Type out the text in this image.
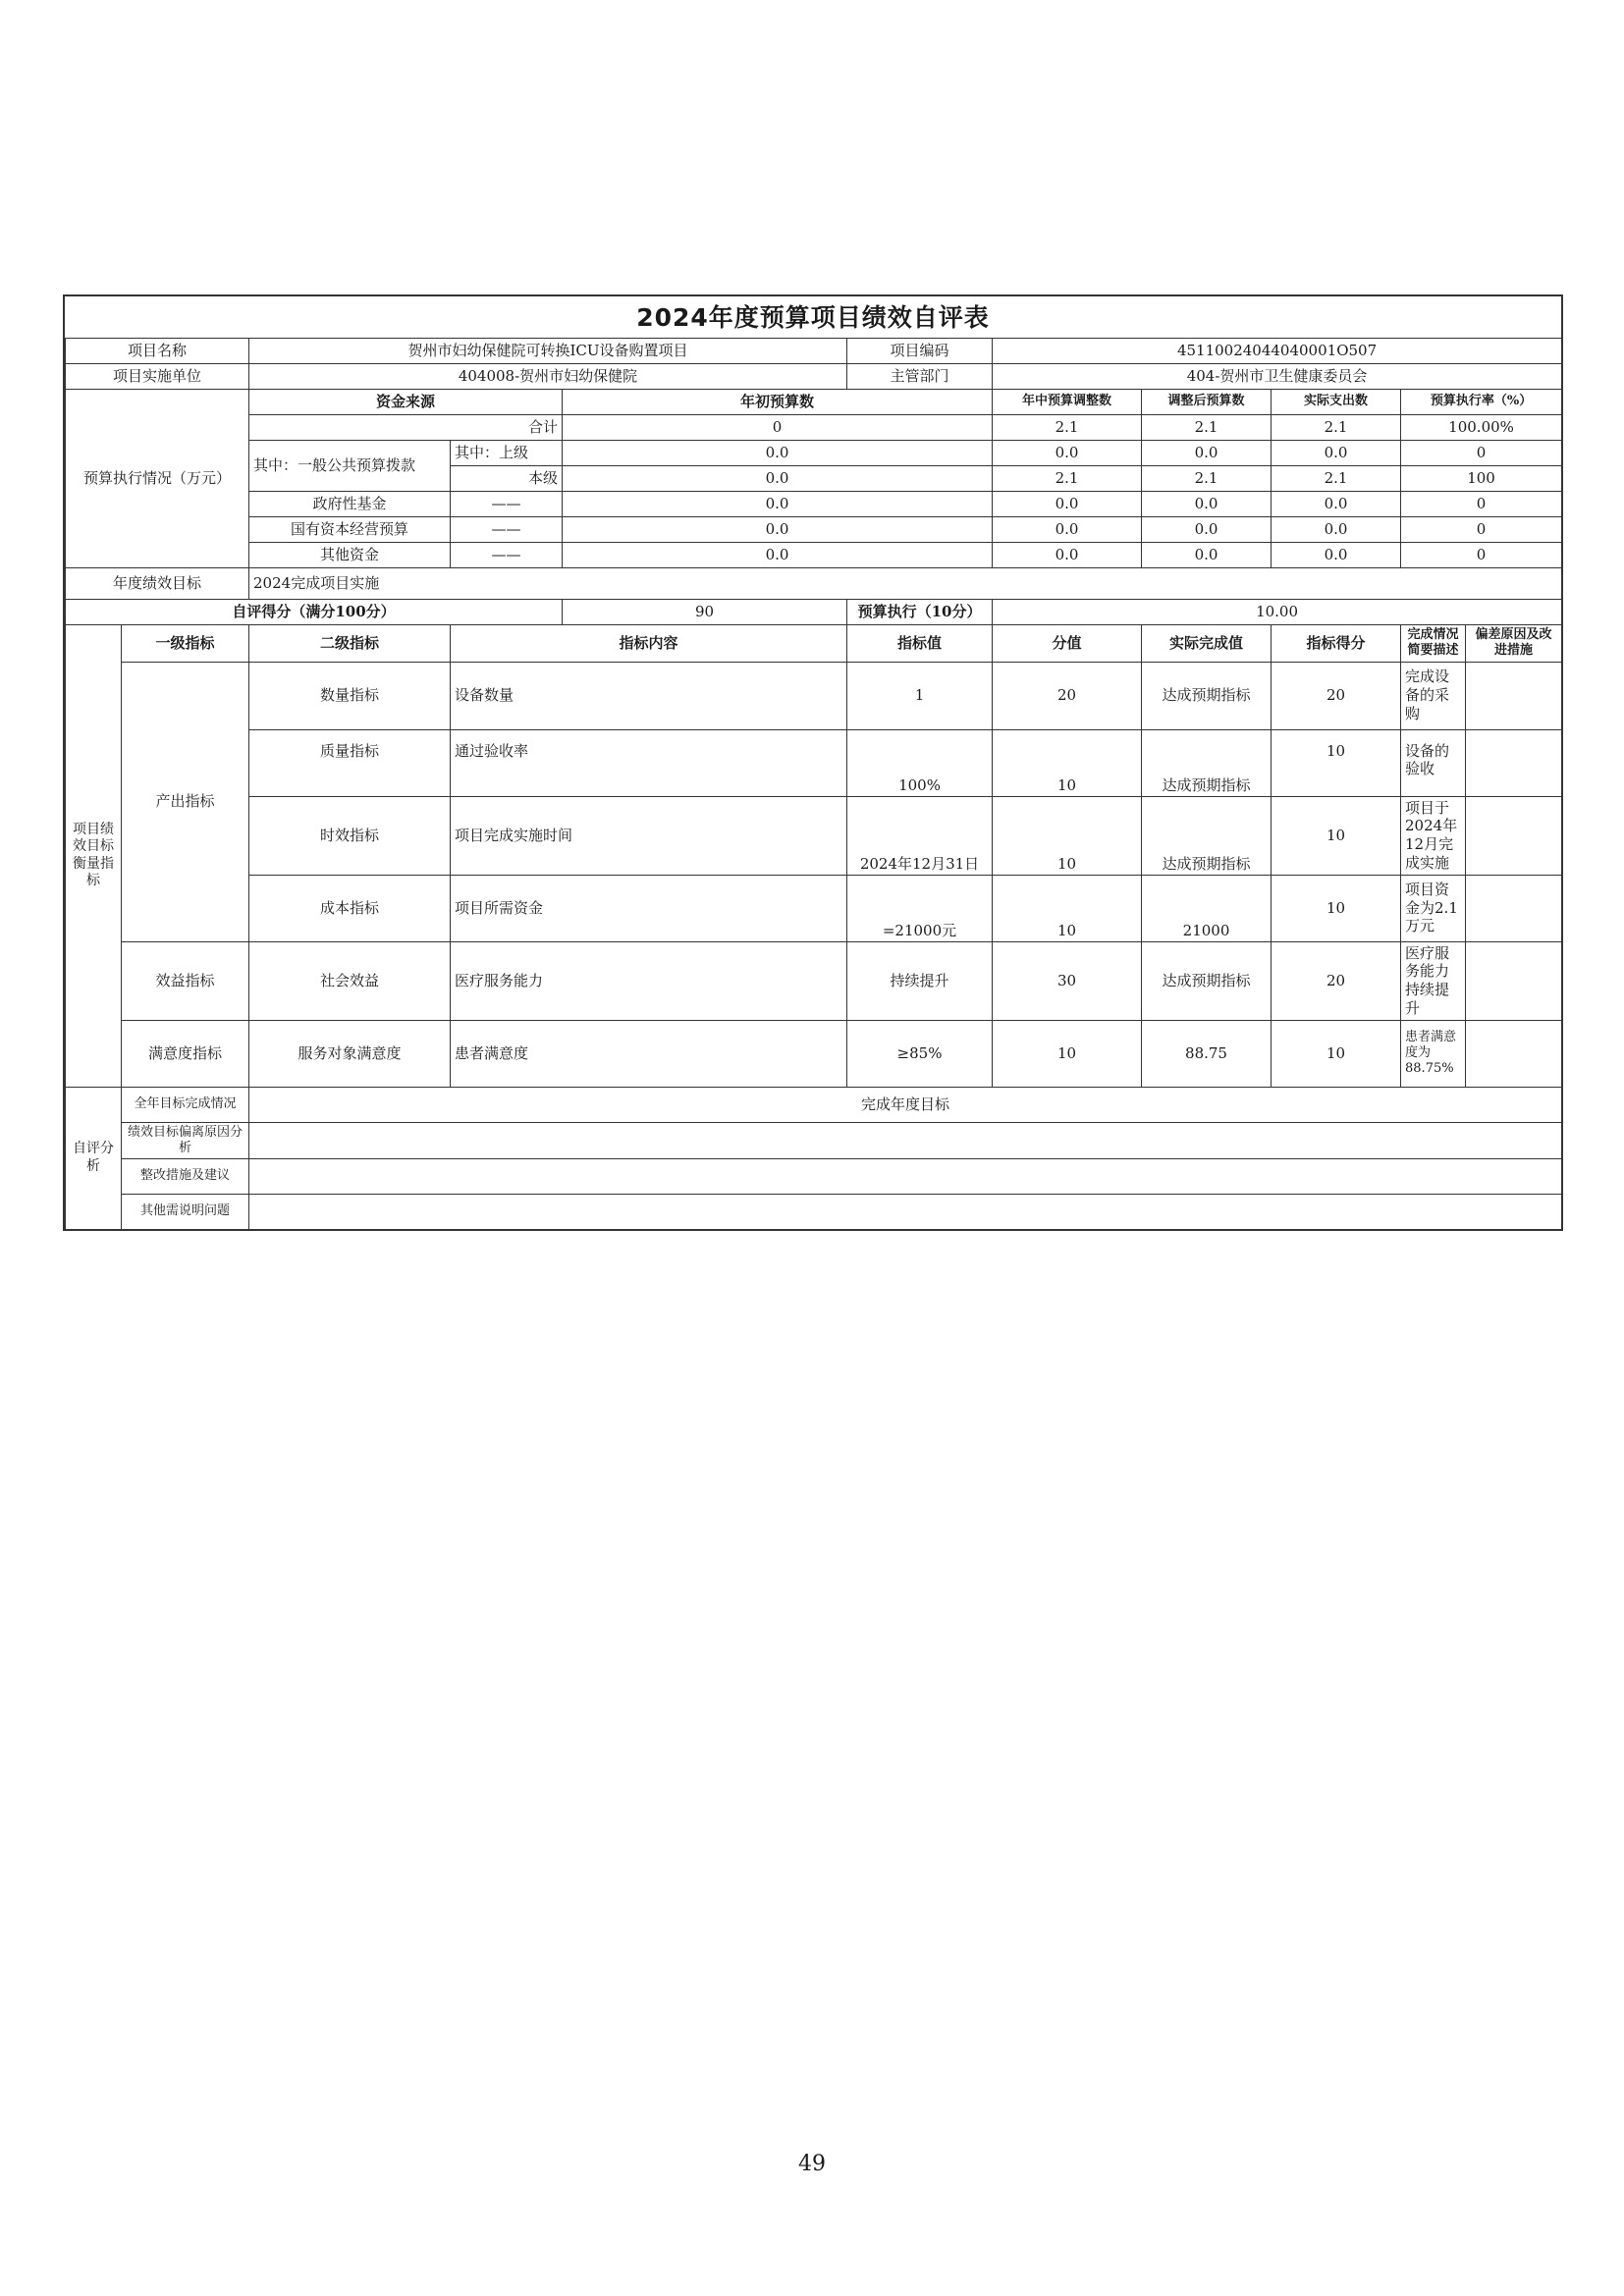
2024年度预算项目绩效自评表
项目名称		贺州市妇幼保健院可转换ICU设备购置项目			项目编码	45110024044040001O507				
项目实施单位		404008-贺州市妇幼保健院			主管部门	404-贺州市卫生健康委员会				
预算执行情况（万元）		资金来源		年初预算数		年中预算调整数	调整后预算数	实际支出数	预算执行率（%）	
		合计		0		2.1	2.1	2.1	100.00%	
		其中：一般公共预算拨款	其中：上级	0.0		0.0	0.0	0.0	0	
			本级	0.0		2.1	2.1	2.1	100	
		政府性基金	——	0.0		0.0	0.0	0.0	0	
		国有资本经营预算	——	0.0		0.0	0.0	0.0	0	
		其他资金	——	0.0		0.0	0.0	0.0	0	
年度绩效目标		2024完成项目实施								
自评得分（满分100分）				90	预算执行（10分）	10.00				
项目绩效目标衡量指标	一级指标	二级指标	指标内容		指标值	分值	实际完成值	指标得分	完成情况简要描述	偏差原因及改进措施
	产出指标	数量指标	设备数量		1	20	达成预期指标	20	完成设备的采购	
		质量指标	通过验收率		100%	10	达成预期指标	10	设备的验收	
		时效指标	项目完成实施时间		2024年12月31日	10	达成预期指标	10	项目于2024年12月完成实施	
		成本指标	项目所需资金		=21000元	10	21000	10	项目资金为2.1万元	
	效益指标	社会效益	医疗服务能力		持续提升	30	达成预期指标	20	医疗服务能力持续提升	
	满意度指标	服务对象满意度	患者满意度		≥85%	10	88.75	10	患者满意度为88.75%	
自评分析	全年目标完成情况	完成年度目标								
	绩效目标偏离原因分析									
	整改措施及建议									
	其他需说明问题									
49
